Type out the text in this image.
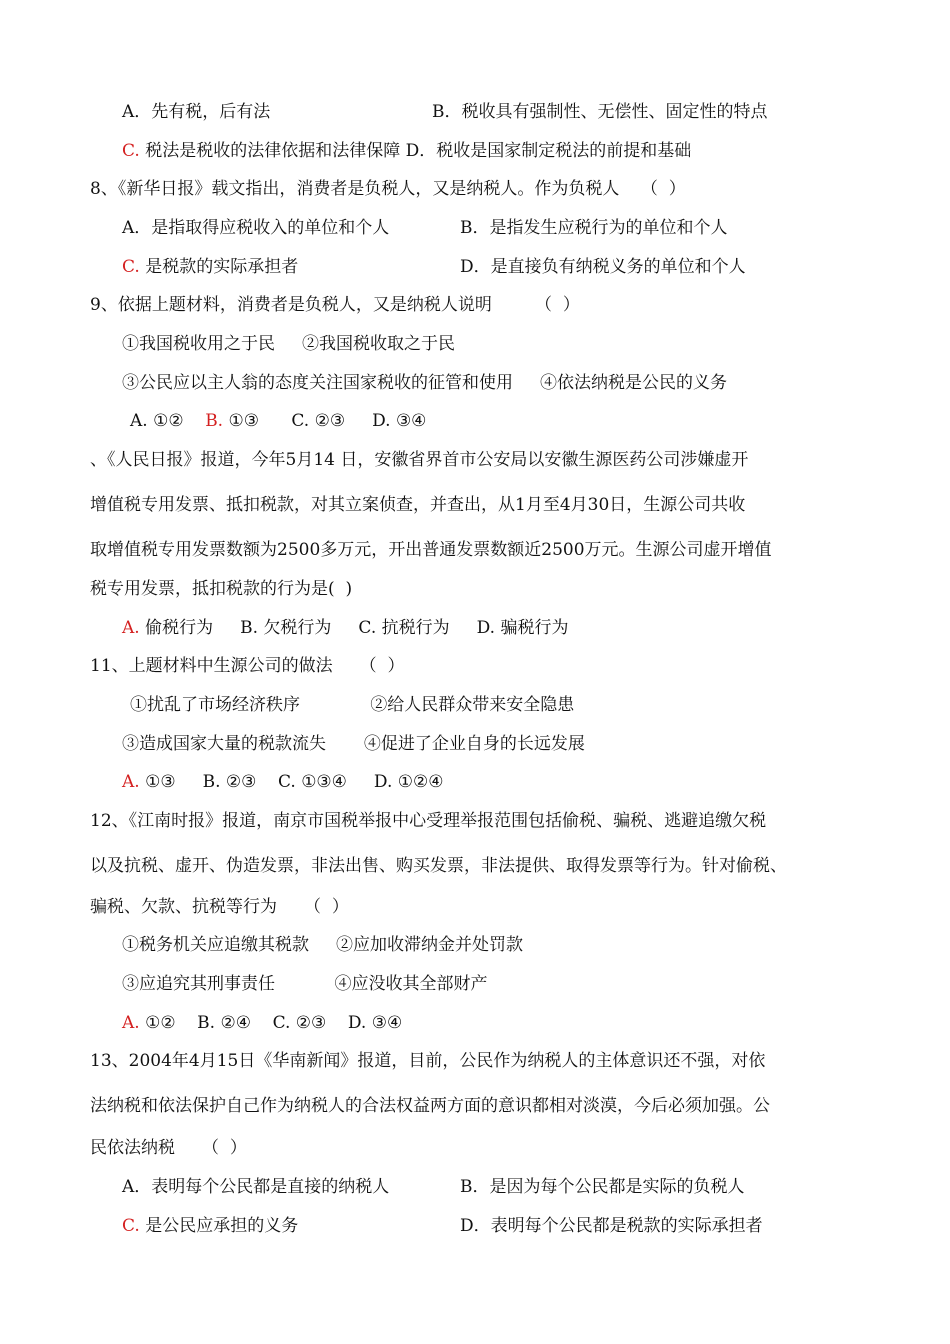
A．先有税，后有法	B．税收具有强制性、无偿性、固定性的特点
C. 税法是税收的法律依据和法律保障 D．税收是国家制定税法的前提和基础
8、《新华日报》载文指出，消费者是负税人，又是纳税人。作为负税人    （  ）
A．是指取得应税收入的单位和个人	B．是指发生应税行为的单位和个人
C. 是税款的实际承担者	D．是直接负有纳税义务的单位和个人
9、依据上题材料，消费者是负税人，又是纳税人说明        （  ）
①我国税收用之于民     ②我国税收取之于民
③公民应以主人翁的态度关注国家税收的征管和使用     ④依法纳税是公民的义务
A. ①②    B. ①③      C. ②③     D. ③④
、《人民日报》报道，今年5月14 日，安徽省界首市公安局以安徽生源医药公司涉嫌虚开
增值税专用发票、抵扣税款，对其立案侦查，并查出，从1月至4月30日，生源公司共收
取增值税专用发票数额为2500多万元，开出普通发票数额近2500万元。生源公司虚开增值
税专用发票，抵扣税款的行为是(  )
A. 偷税行为     B. 欠税行为     C. 抗税行为     D. 骗税行为
11、上题材料中生源公司的做法     （  ）
①扰乱了市场经济秩序             ②给人民群众带来安全隐患
③造成国家大量的税款流失       ④促进了企业自身的长远发展
A. ①③     B. ②③    C. ①③④     D. ①②④
12、《江南时报》报道，南京市国税举报中心受理举报范围包括偷税、骗税、逃避追缴欠税
以及抗税、虚开、伪造发票，非法出售、购买发票，非法提供、取得发票等行为。针对偷税、
骗税、欠款、抗税等行为     （  ）
①税务机关应追缴其税款     ②应加收滞纳金并处罚款
③应追究其刑事责任           ④应没收其全部财产
A. ①②    B. ②④    C. ②③    D. ③④
13、2004年4月15日《华南新闻》报道，目前，公民作为纳税人的主体意识还不强，对依
法纳税和依法保护自己作为纳税人的合法权益两方面的意识都相对淡漠，今后必须加强。公
民依法纳税     （  ）
A．表明每个公民都是直接的纳税人	B．是因为每个公民都是实际的负税人
C. 是公民应承担的义务	D．表明每个公民都是税款的实际承担者
